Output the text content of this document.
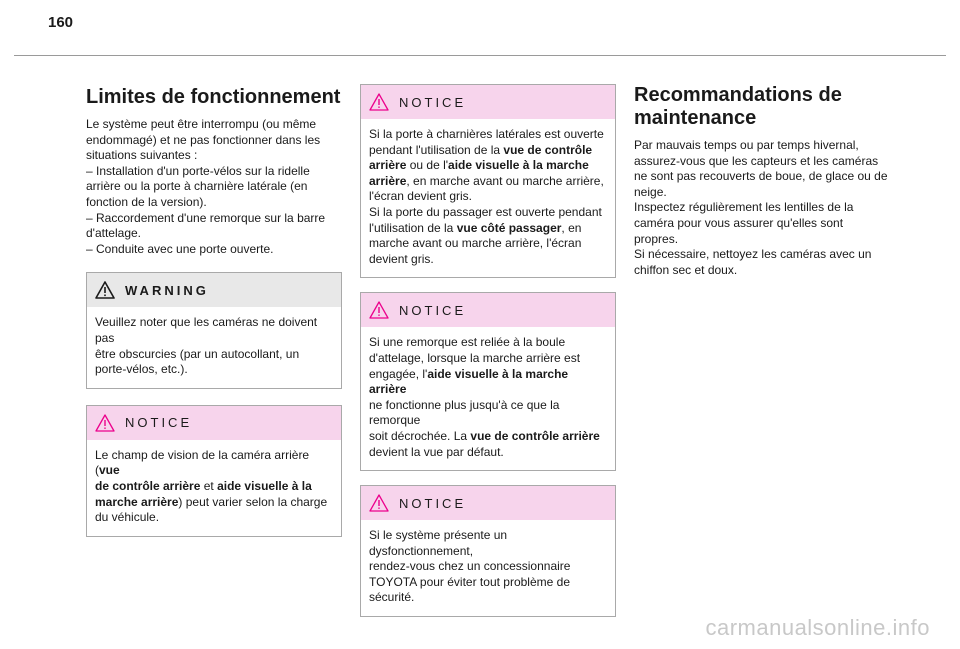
160
Limites de fonctionnement
Le système peut être interrompu (ou même
endommagé) et ne pas fonctionner dans les
situations suivantes :
– Installation d'un porte-vélos sur la ridelle
arrière ou la porte à charnière latérale (en
fonction de la version).
– Raccordement d'une remorque sur la barre
d'attelage.
– Conduite avec une porte ouverte.
WARNING
Veuillez noter que les caméras ne doivent pas
être obscurcies (par un autocollant, un
porte-vélos, etc.).
NOTICE
Le champ de vision de la caméra arrière (vue
de contrôle arrière et aide visuelle à la
marche arrière) peut varier selon la charge
du véhicule.
NOTICE
Si la porte à charnières latérales est ouverte
pendant l'utilisation de la vue de contrôle
arrière ou de l'aide visuelle à la marche
arrière, en marche avant ou marche arrière,
l'écran devient gris.
Si la porte du passager est ouverte pendant
l'utilisation de la vue côté passager, en
marche avant ou marche arrière, l'écran
devient gris.
NOTICE
Si une remorque est reliée à la boule
d'attelage, lorsque la marche arrière est
engagée, l'aide visuelle à la marche arrière
ne fonctionne plus jusqu'à ce que la remorque
soit décrochée. La vue de contrôle arrière
devient la vue par défaut.
NOTICE
Si le système présente un dysfonctionnement,
rendez-vous chez un concessionnaire
TOYOTA pour éviter tout problème de
sécurité.
Recommandations de
maintenance
Par mauvais temps ou par temps hivernal,
assurez-vous que les capteurs et les caméras
ne sont pas recouverts de boue, de glace ou de
neige.
Inspectez régulièrement les lentilles de la
caméra pour vous assurer qu'elles sont propres.
Si nécessaire, nettoyez les caméras avec un
chiffon sec et doux.
carmanualsonline.info
